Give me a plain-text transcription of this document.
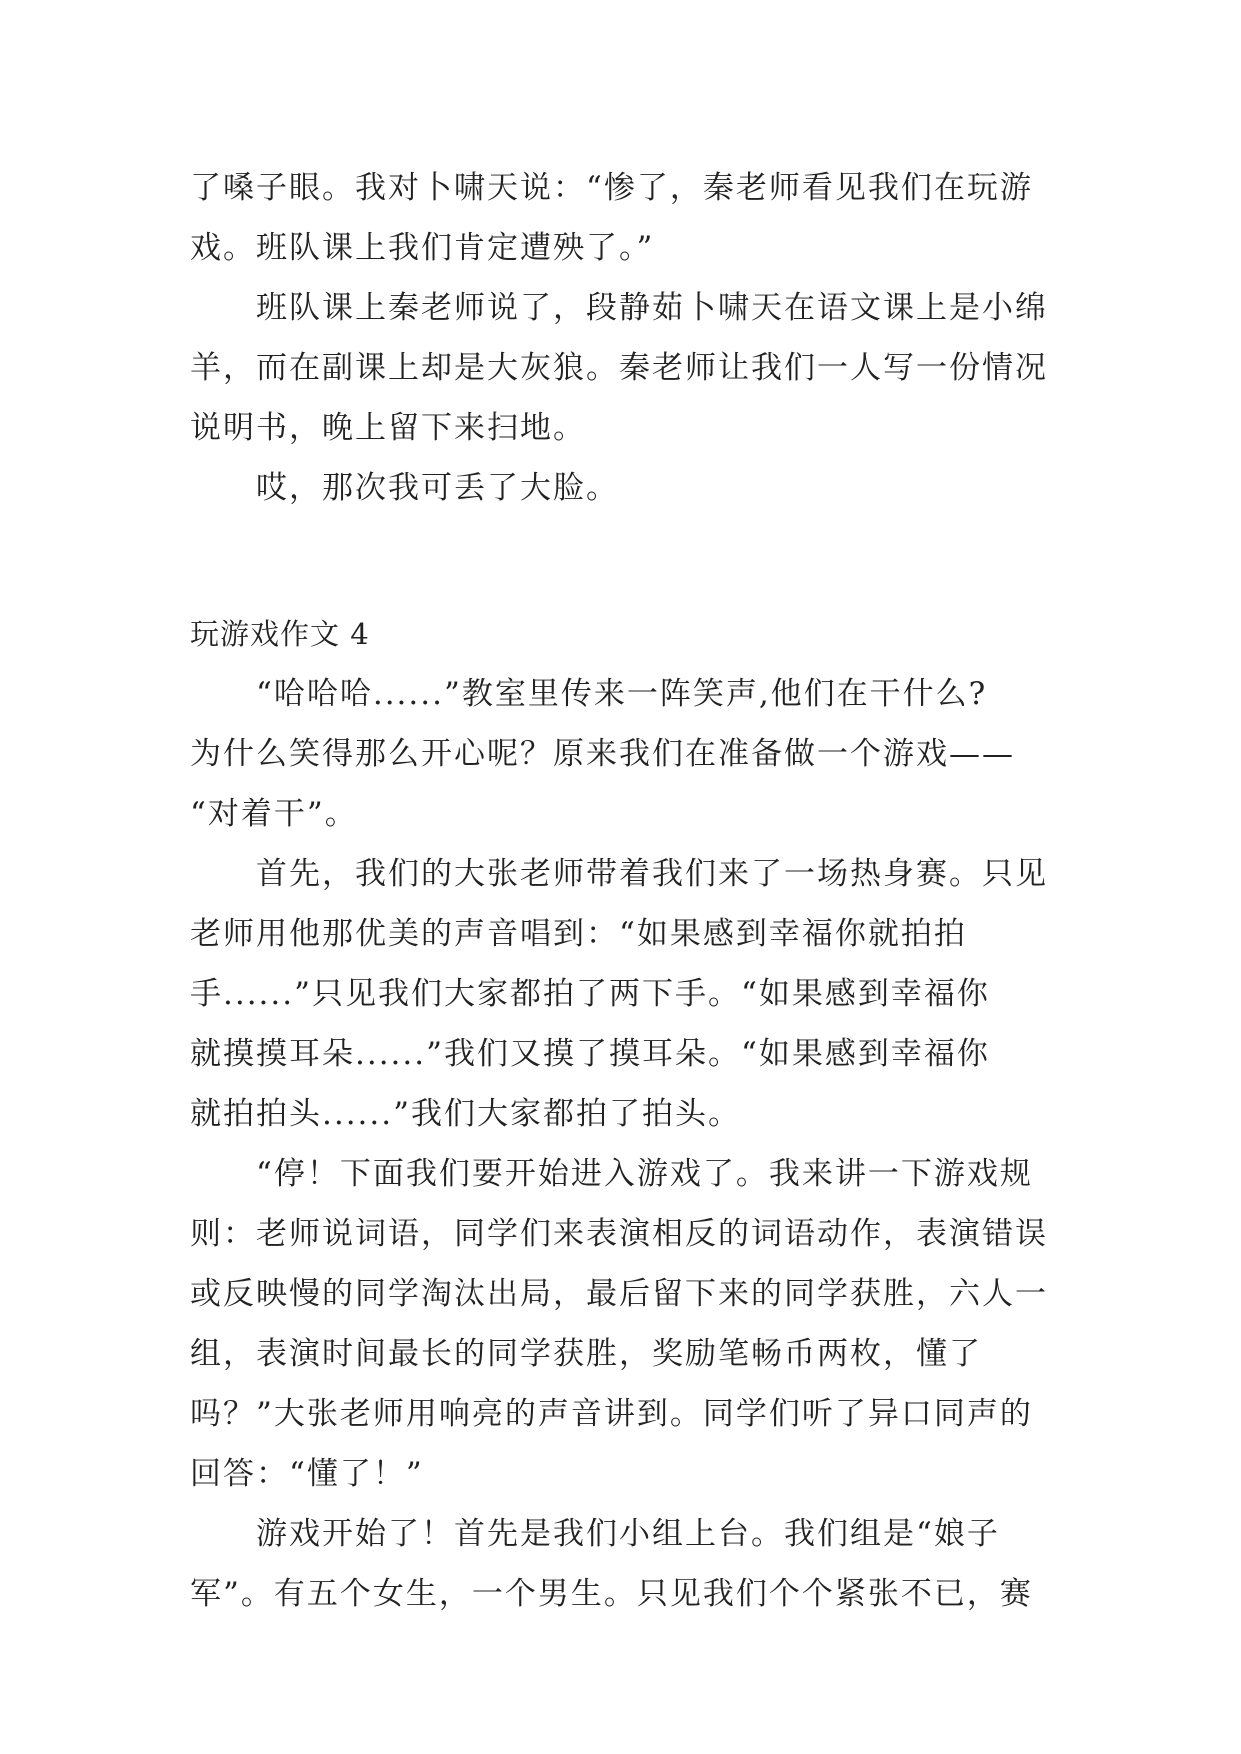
了嗓子眼。我对卜啸天说：“惨了，秦老师看见我们在玩游
戏。班队课上我们肯定遭殃了。”
班队课上秦老师说了，段静茹卜啸天在语文课上是小绵
羊，而在副课上却是大灰狼。秦老师让我们一人写一份情况
说明书，晚上留下来扫地。
哎，那次我可丢了大脸。
玩游戏作文 4
“哈哈哈......”教室里传来一阵笑声,他们在干什么?
为什么笑得那么开心呢？原来我们在准备做一个游戏——
“对着干”。
首先，我们的大张老师带着我们来了一场热身赛。只见
老师用他那优美的声音唱到：“如果感到幸福你就拍拍
手......”只见我们大家都拍了两下手。“如果感到幸福你
就摸摸耳朵......”我们又摸了摸耳朵。“如果感到幸福你
就拍拍头......”我们大家都拍了拍头。
“停！下面我们要开始进入游戏了。我来讲一下游戏规
则：老师说词语，同学们来表演相反的词语动作，表演错误
或反映慢的同学淘汰出局，最后留下来的同学获胜，六人一
组，表演时间最长的同学获胜，奖励笔畅币两枚，懂了
吗？”大张老师用响亮的声音讲到。同学们听了异口同声的
回答：“懂了！”
游戏开始了！首先是我们小组上台。我们组是“娘子
军”。有五个女生，一个男生。只见我们个个紧张不已，赛
